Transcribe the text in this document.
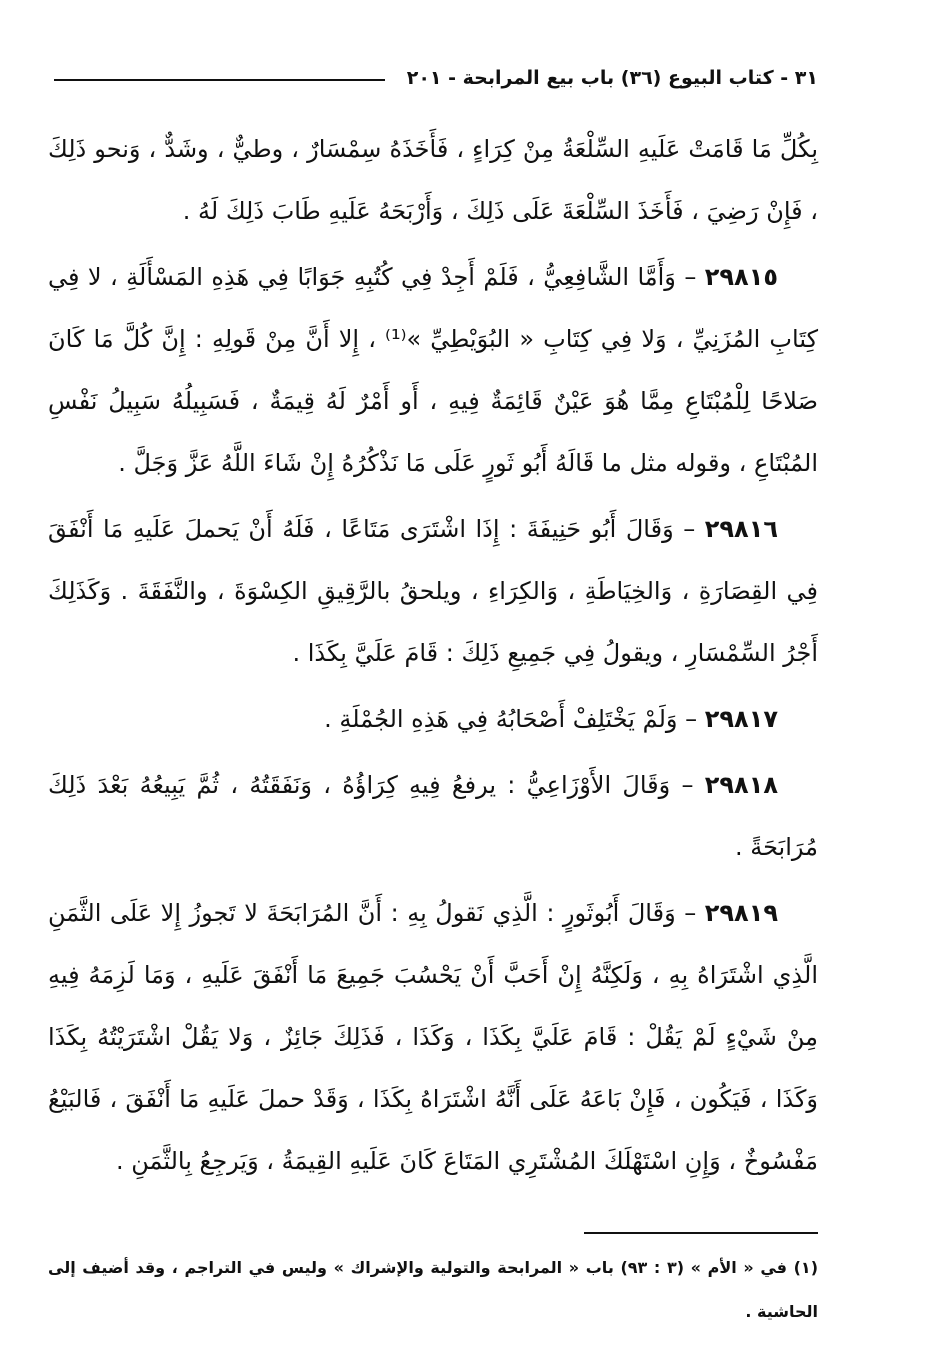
٣١ - كتاب البيوع (٣٦) باب بيع المرابحة - ٢٠١

بِكُلِّ مَا قَامَتْ عَلَيهِ السِّلْعَةُ مِنْ كِرَاءٍ ، فَأَخَذَهُ سِمْسَارٌ ، وطيٌّ ، وشَدٌّ ، وَنحو ذَلِكَ ، فَإِنْ رَضِيَ ، فَأَخَذَ السِّلْعَةَ عَلَى ذَلِكَ ، وَأَرْبَحَهُ عَلَيهِ طَابَ ذَلِكَ لَهُ .

٢٩٨١٥ – وَأَمَّا الشَّافِعِيُّ ، فَلَمْ أَجِدْ فِي كُتُبِهِ جَوَابًا فِي هَذِهِ المَسْأَلَةِ ، لا فِي كِتَابِ المُزَنِيِّ ، وَلا فِي كِتَابِ « البُوَيْطِيِّ »⁽¹⁾ ، إِلا أَنَّ مِنْ قَولِهِ : إِنَّ كُلَّ مَا كَانَ صَلاحًا لِلْمُبْتَاعِ مِمَّا هُوَ عَيْنٌ قَائِمَةٌ فِيهِ ، أَو أَمْرٌ لَهُ قِيمَةٌ ، فَسَبِيلُهُ سَبِيلُ نَفْسِ المُبْتَاعِ ، وقوله مثل ما قَالَهُ أَبُو ثَورٍ عَلَى مَا نَذْكُرُهُ إِنْ شَاءَ اللَّهُ عَزَّ وَجَلَّ .

٢٩٨١٦ – وَقَالَ أَبُو حَنِيفَةَ : إِذَا اشْتَرَى مَتَاعًا ، فَلَهُ أَنْ يَحملَ عَلَيهِ مَا أَنْفَقَ فِي القِصَارَةِ ، وَالخِيَاطَةِ ، وَالكِرَاءِ ، ويلحقُ بالرَّقِيقِ الكِسْوَةَ ، والنَّفَقَةَ . وَكَذَلِكَ أَجْرُ السِّمْسَارِ ، ويقولُ فِي جَمِيعِ ذَلِكَ : قَامَ عَلَيَّ بِكَذَا .

٢٩٨١٧ – وَلَمْ يَخْتَلِفْ أَصْحَابُهُ فِي هَذِهِ الجُمْلَةِ .

٢٩٨١٨ – وَقَالَ الأَوْزَاعِيُّ : يرفعُ فِيهِ كِرَاؤُهُ ، وَنَفَقَتُهُ ، ثُمَّ يَبِيعُهُ بَعْدَ ذَلِكَ مُرَابَحَةً .

٢٩٨١٩ – وَقَالَ أَبُوثَورٍ : الَّذِي نَقولُ بِهِ : أَنَّ المُرَابَحَةَ لا تَجوزُ إِلا عَلَى الثَّمَنِ الَّذِي اشْتَرَاهُ بِهِ ، وَلَكِنَّهُ إِنْ أَحَبَّ أَنْ يَحْسُبَ جَمِيعَ مَا أَنْفَقَ عَلَيهِ ، وَمَا لَزِمَهُ فِيهِ مِنْ شَيْءٍ لَمْ يَقُلْ : قَامَ عَلَيَّ بِكَذَا ، وَكَذَا ، فَذَلِكَ جَائِزٌ ، وَلا يَقُلْ اشْتَرَيْتُهُ بِكَذَا وَكَذَا ، فَيَكُون ، فَإِنْ بَاعَهُ عَلَى أَنَّهُ اشْتَرَاهُ بِكَذَا ، وَقَدْ حملَ عَلَيهِ مَا أَنْفَقَ ، فَالبَيْعُ مَفْسُوخٌ ، وَإِنِ اسْتَهْلَكَ المُشْتَرِي المَتَاعَ كَانَ عَلَيهِ القِيمَةُ ، وَيَرجِعُ بِالثَّمَنِ .

(١) في « الأم » (٣ : ٩٣) باب « المرابحة والتولية والإشراك » وليس في التراجم ، وقد أضيف إلى الحاشية .
